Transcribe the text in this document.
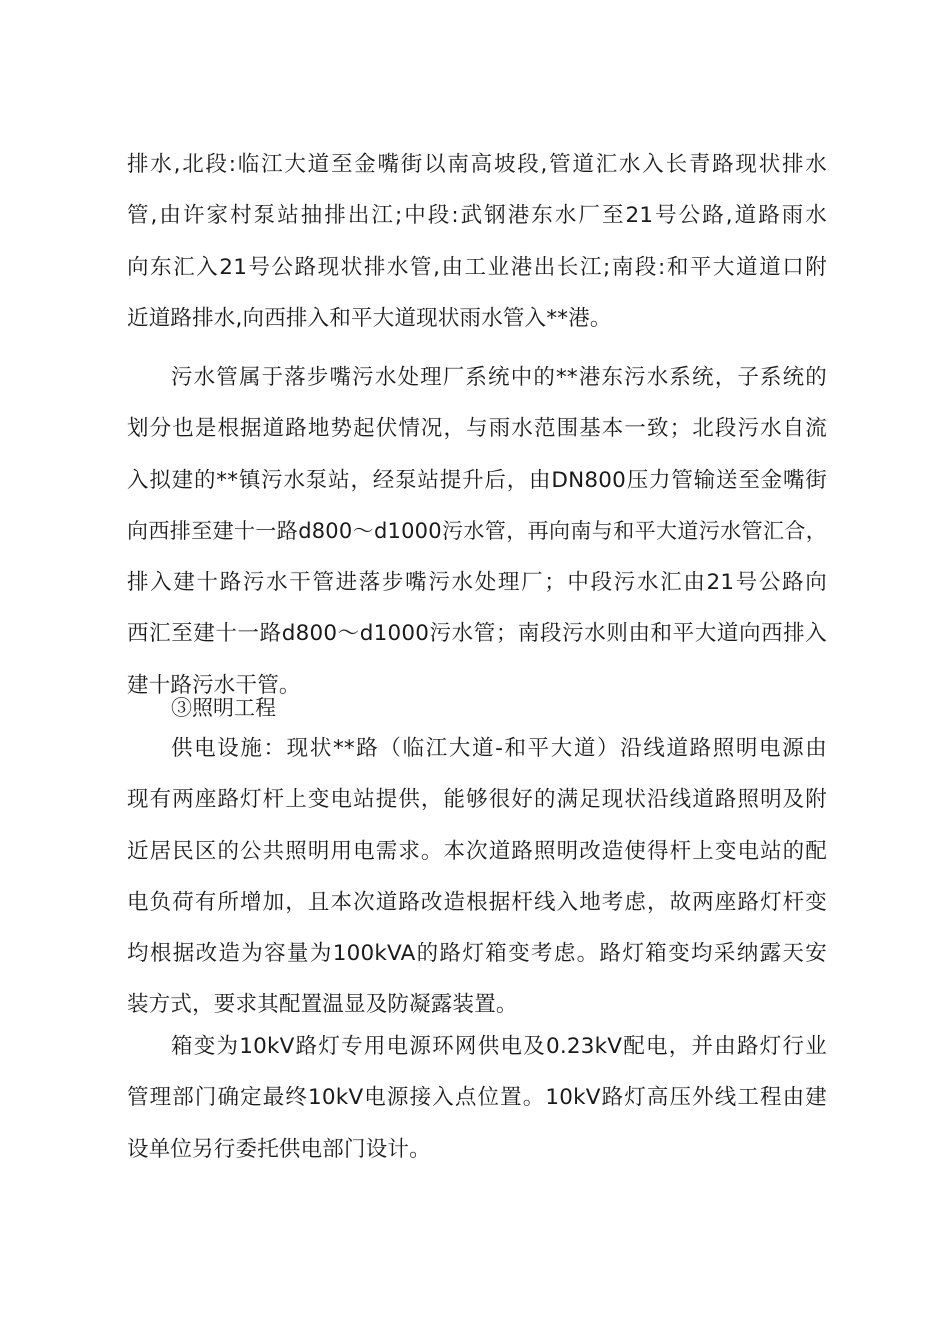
排水,北段:临江大道至金嘴街以南高坡段,管道汇水入长青路现状排水
管,由许家村泵站抽排出江;中段:武钢港东水厂至21号公路,道路雨水
向东汇入21号公路现状排水管,由工业港出长江;南段:和平大道道口附
近道路排水,向西排入和平大道现状雨水管入**港。

污水管属于落步嘴污水处理厂系统中的**港东污水系统，子系统的
划分也是根据道路地势起伏情况，与雨水范围基本一致；北段污水自流
入拟建的**镇污水泵站，经泵站提升后，由DN800压力管输送至金嘴街
向西排至建十一路d800～d1000污水管，再向南与和平大道污水管汇合，
排入建十路污水干管进落步嘴污水处理厂；中段污水汇由21号公路向
西汇至建十一路d800～d1000污水管；南段污水则由和平大道向西排入
建十路污水干管。

③照明工程

供电设施：现状**路（临江大道-和平大道）沿线道路照明电源由
现有两座路灯杆上变电站提供，能够很好的满足现状沿线道路照明及附
近居民区的公共照明用电需求。本次道路照明改造使得杆上变电站的配
电负荷有所增加，且本次道路改造根据杆线入地考虑，故两座路灯杆变
均根据改造为容量为100kVA的路灯箱变考虑。路灯箱变均采纳露天安
装方式，要求其配置温显及防凝露装置。

箱变为10kV路灯专用电源环网供电及0.23kV配电，并由路灯行业
管理部门确定最终10kV电源接入点位置。10kV路灯高压外线工程由建
设单位另行委托供电部门设计。
